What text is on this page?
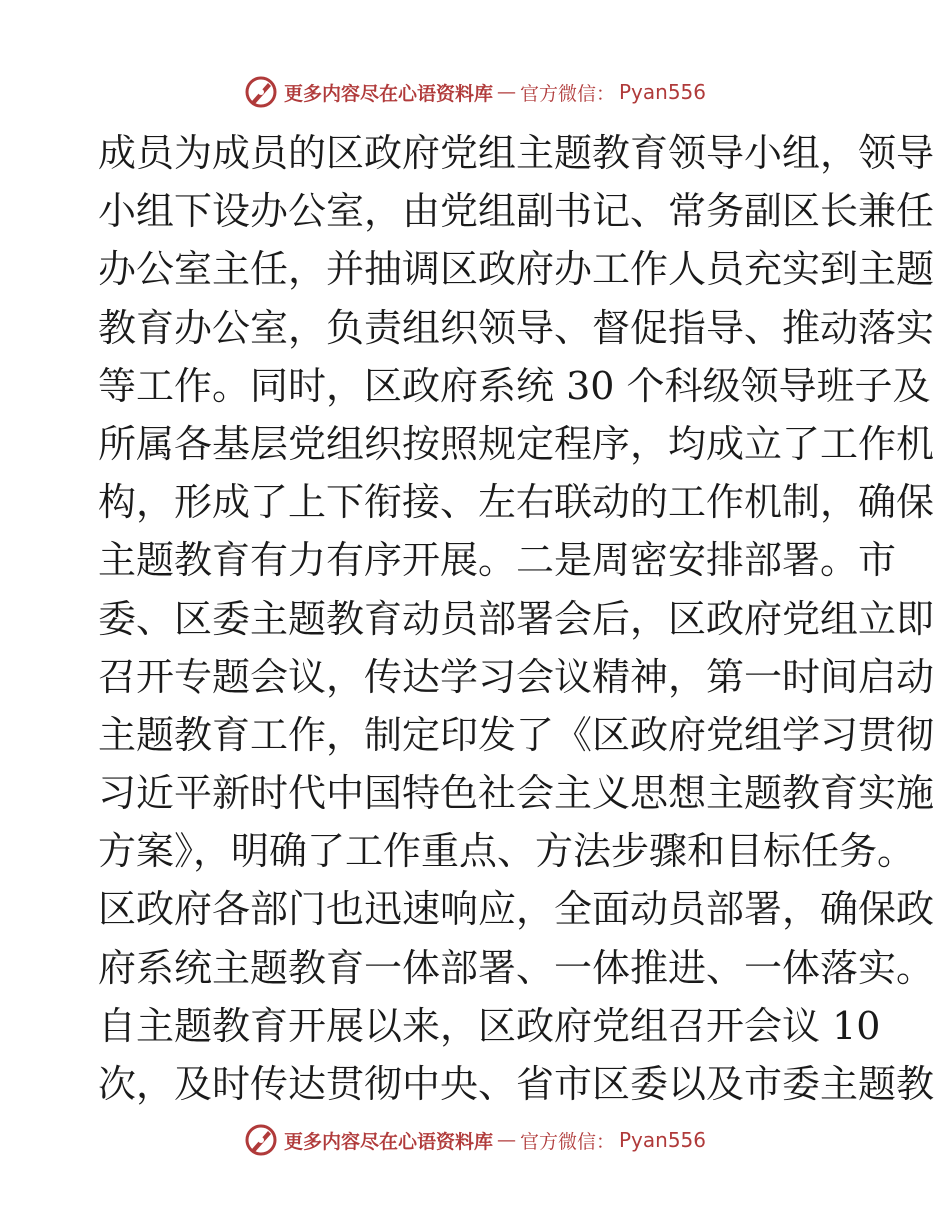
更多内容尽在心语资料库 — 官方微信： Pyan556
成员为成员的区政府党组主题教育领导小组，领导
小组下设办公室，由党组副书记、常务副区长兼任
办公室主任，并抽调区政府办工作人员充实到主题
教育办公室，负责组织领导、督促指导、推动落实
等工作。同时，区政府系统 30 个科级领导班子及
所属各基层党组织按照规定程序，均成立了工作机
构，形成了上下衔接、左右联动的工作机制，确保
主题教育有力有序开展。二是周密安排部署。市
委、区委主题教育动员部署会后，区政府党组立即
召开专题会议，传达学习会议精神，第一时间启动
主题教育工作，制定印发了《区政府党组学习贯彻
习近平新时代中国特色社会主义思想主题教育实施
方案》，明确了工作重点、方法步骤和目标任务。
区政府各部门也迅速响应，全面动员部署，确保政
府系统主题教育一体部署、一体推进、一体落实。
自主题教育开展以来，区政府党组召开会议 10
次，及时传达贯彻中央、省市区委以及市委主题教
更多内容尽在心语资料库 — 官方微信： Pyan556
